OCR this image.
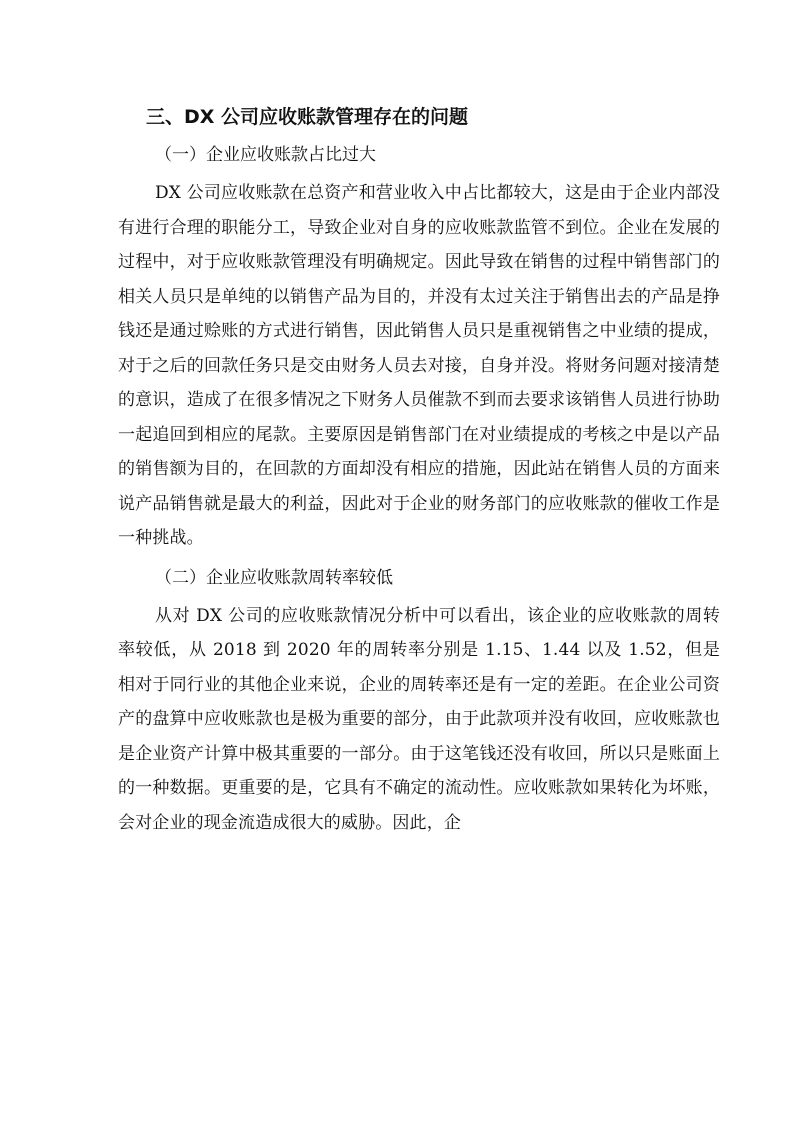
三、DX 公司应收账款管理存在的问题
（一）企业应收账款占比过大

DX 公司应收账款在总资产和营业收入中占比都较大，这是由于企业内部没有进行合理的职能分工，导致企业对自身的应收账款监管不到位。企业在发展的过程中，对于应收账款管理没有明确规定。因此导致在销售的过程中销售部门的相关人员只是单纯的以销售产品为目的，并没有太过关注于销售出去的产品是挣钱还是通过赊账的方式进行销售，因此销售人员只是重视销售之中业绩的提成，对于之后的回款任务只是交由财务人员去对接，自身并没。将财务问题对接清楚的意识，造成了在很多情况之下财务人员催款不到而去要求该销售人员进行协助一起追回到相应的尾款。主要原因是销售部门在对业绩提成的考核之中是以产品的销售额为目的，在回款的方面却没有相应的措施，因此站在销售人员的方面来说产品销售就是最大的利益，因此对于企业的财务部门的应收账款的催收工作是一种挑战。

（二）企业应收账款周转率较低

从对 DX 公司的应收账款情况分析中可以看出，该企业的应收账款的周转率较低，从 2018 到 2020 年的周转率分别是 1.15、1.44 以及 1.52，但是相对于同行业的其他企业来说，企业的周转率还是有一定的差距。在企业公司资产的盘算中应收账款也是极为重要的部分，由于此款项并没有收回，应收账款也是企业资产计算中极其重要的一部分。由于这笔钱还没有收回，所以只是账面上的一种数据。更重要的是，它具有不确定的流动性。应收账款如果转化为坏账，会对企业的现金流造成很大的威胁。因此，企
